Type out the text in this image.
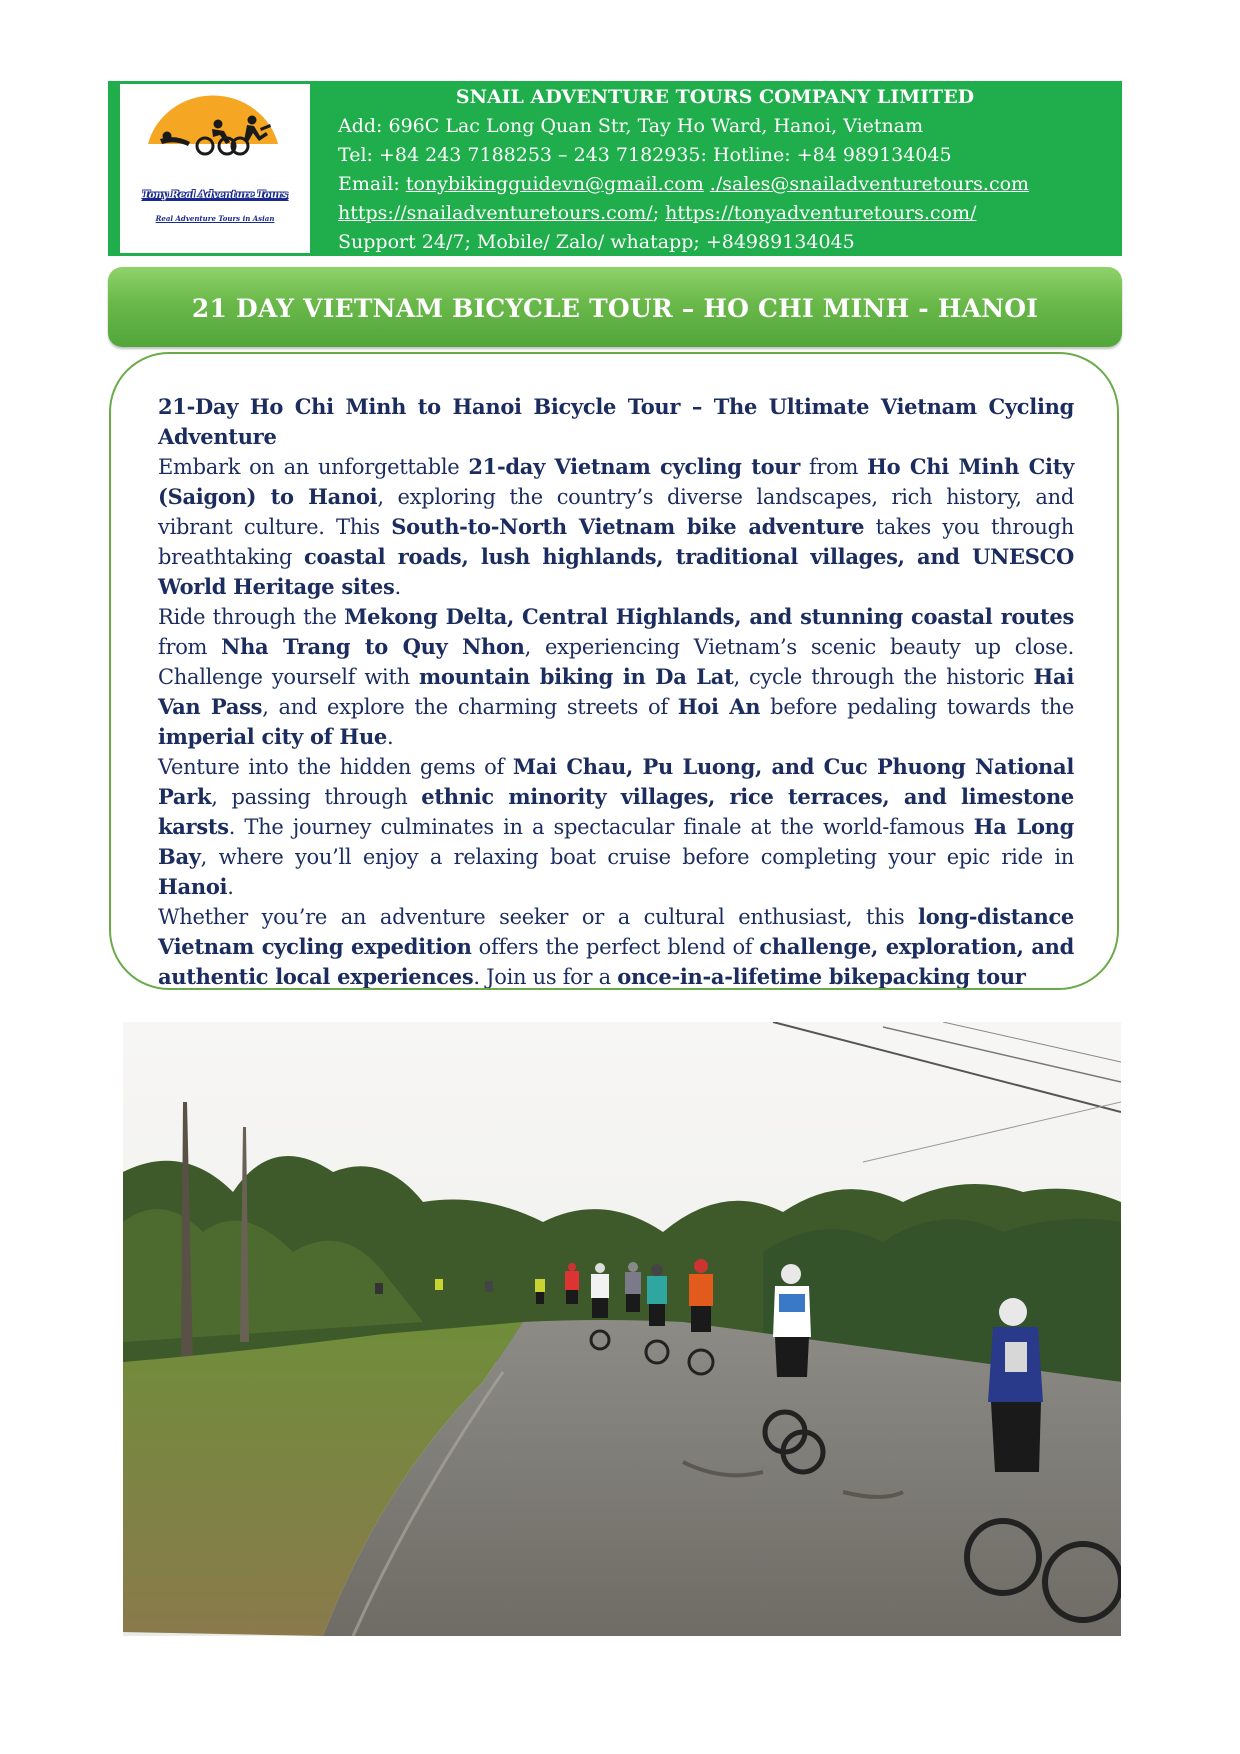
Tony Real Adventure Tours
Real Adventure Tours in Asian
SNAIL ADVENTURE TOURS COMPANY LIMITED
Add: 696C Lac Long Quan Str, Tay Ho Ward, Hanoi, Vietnam
Tel: +84 243 7188253 – 243 7182935: Hotline: +84 989134045
Email: tonybikingguidevn@gmail.com ./sales@snailadventuretours.com
https://snailadventuretours.com/; https://tonyadventuretours.com/
Support 24/7; Mobile/ Zalo/ whatapp; +84989134045
21 DAY VIETNAM BICYCLE TOUR – HO CHI MINH - HANOI

21-Day Ho Chi Minh to Hanoi Bicycle Tour – The Ultimate Vietnam Cycling Adventure

Embark on an unforgettable 21-day Vietnam cycling tour from Ho Chi Minh City (Saigon) to Hanoi, exploring the country’s diverse landscapes, rich history, and vibrant culture. This South-to-North Vietnam bike adventure takes you through breathtaking coastal roads, lush highlands, traditional villages, and UNESCO World Heritage sites.

Ride through the Mekong Delta, Central Highlands, and stunning coastal routes from Nha Trang to Quy Nhon, experiencing Vietnam’s scenic beauty up close. Challenge yourself with mountain biking in Da Lat, cycle through the historic Hai Van Pass, and explore the charming streets of Hoi An before pedaling towards the imperial city of Hue.

Venture into the hidden gems of Mai Chau, Pu Luong, and Cuc Phuong National Park, passing through ethnic minority villages, rice terraces, and limestone karsts. The journey culminates in a spectacular finale at the world-famous Ha Long Bay, where you’ll enjoy a relaxing boat cruise before completing your epic ride in Hanoi.

Whether you’re an adventure seeker or a cultural enthusiast, this long-distance Vietnam cycling expedition offers the perfect blend of challenge, exploration, and authentic local experiences. Join us for a once-in-a-lifetime bikepacking tour
